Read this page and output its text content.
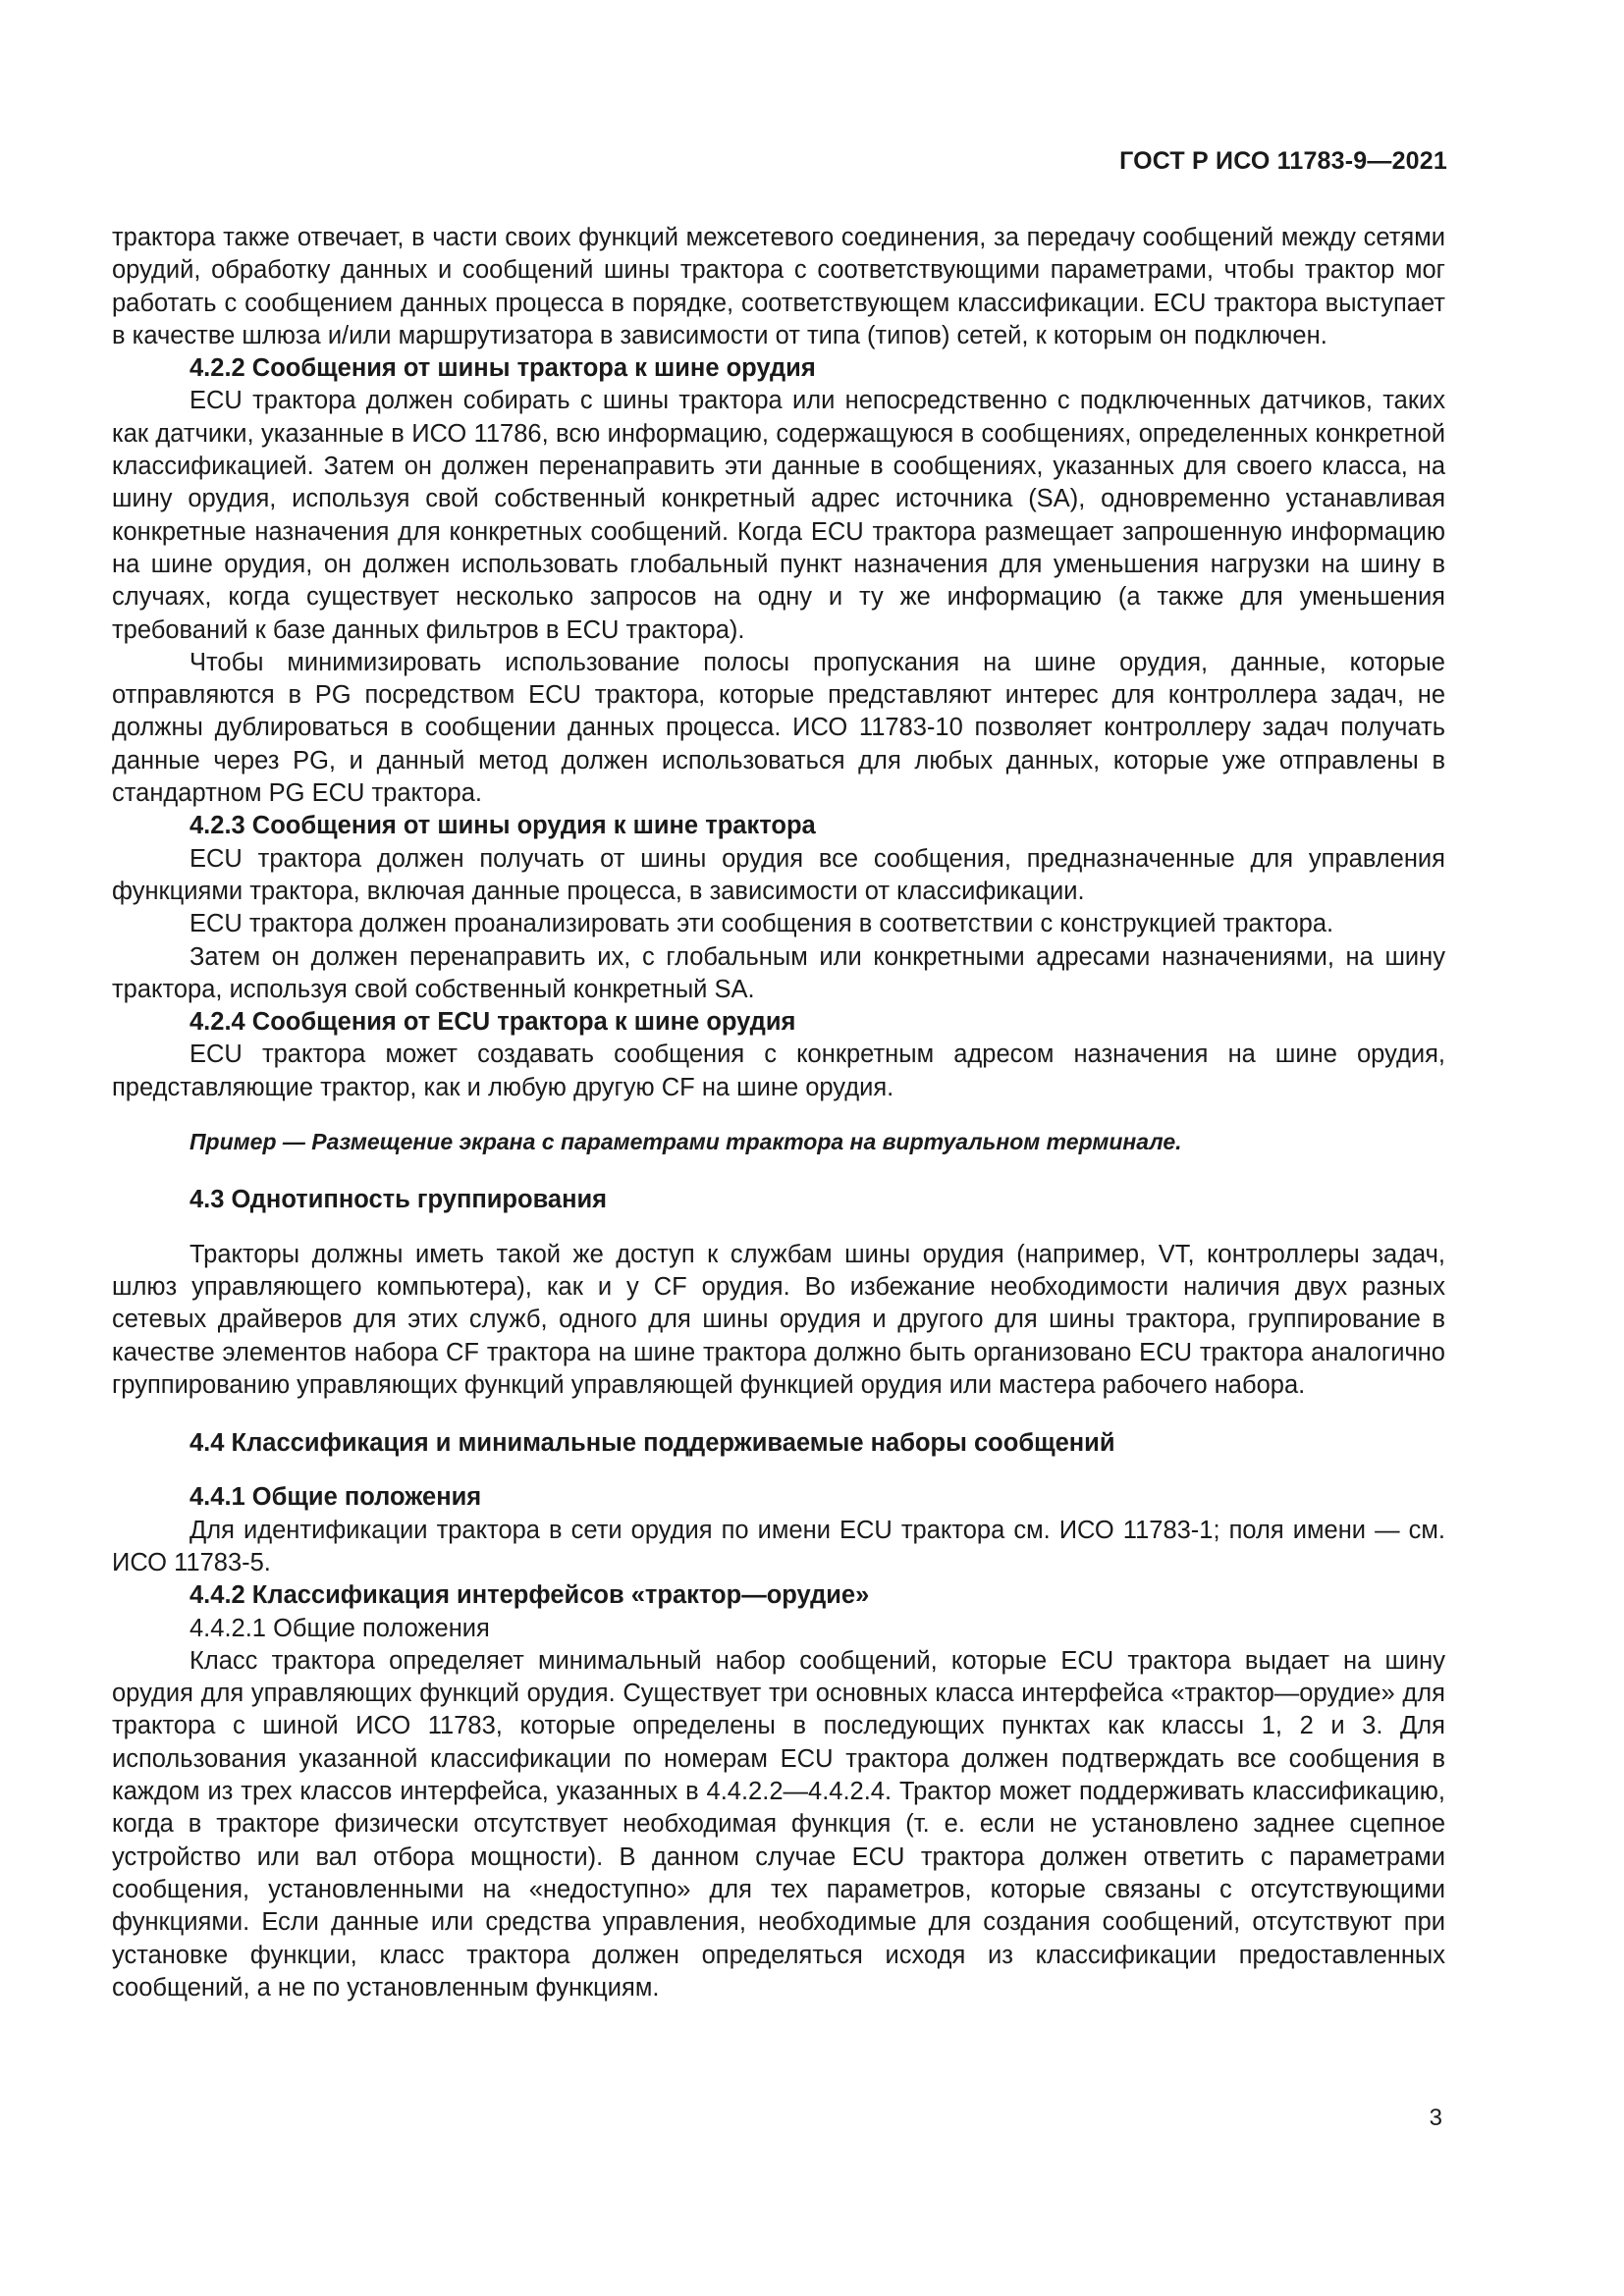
ГОСТ Р ИСО 11783-9—2021

трактора также отвечает, в части своих функций межсетевого соединения, за передачу сообщений между сетями орудий, обработку данных и сообщений шины трактора с соответствующими параметрами, чтобы трактор мог работать с сообщением данных процесса в порядке, соответствующем классификации. ECU трактора выступает в качестве шлюза и/или маршрутизатора в зависимости от типа (типов) сетей, к которым он подключен.

4.2.2 Сообщения от шины трактора к шине орудия

ECU трактора должен собирать с шины трактора или непосредственно с подключенных датчиков, таких как датчики, указанные в ИСО 11786, всю информацию, содержащуюся в сообщениях, определенных конкретной классификацией. Затем он должен перенаправить эти данные в сообщениях, указанных для своего класса, на шину орудия, используя свой собственный конкретный адрес источника (SA), одновременно устанавливая конкретные назначения для конкретных сообщений. Когда ECU трактора размещает запрошенную информацию на шине орудия, он должен использовать глобальный пункт назначения для уменьшения нагрузки на шину в случаях, когда существует несколько запросов на одну и ту же информацию (а также для уменьшения требований к базе данных фильтров в ECU трактора).

Чтобы минимизировать использование полосы пропускания на шине орудия, данные, которые отправляются в PG посредством ECU трактора, которые представляют интерес для контроллера задач, не должны дублироваться в сообщении данных процесса. ИСО 11783-10 позволяет контроллеру задач получать данные через PG, и данный метод должен использоваться для любых данных, которые уже отправлены в стандартном PG ECU трактора.

4.2.3 Сообщения от шины орудия к шине трактора

ECU трактора должен получать от шины орудия все сообщения, предназначенные для управления функциями трактора, включая данные процесса, в зависимости от классификации.

ECU трактора должен проанализировать эти сообщения в соответствии с конструкцией трактора.

Затем он должен перенаправить их, с глобальным или конкретными адресами назначениями, на шину трактора, используя свой собственный конкретный SA.

4.2.4 Сообщения от ECU трактора к шине орудия

ECU трактора может создавать сообщения с конкретным адресом назначения на шине орудия, представляющие трактор, как и любую другую CF на шине орудия.

Пример — Размещение экрана с параметрами трактора на виртуальном терминале.

4.3 Однотипность группирования

Тракторы должны иметь такой же доступ к службам шины орудия (например, VT, контроллеры задач, шлюз управляющего компьютера), как и у CF орудия. Во избежание необходимости наличия двух разных сетевых драйверов для этих служб, одного для шины орудия и другого для шины трактора, группирование в качестве элементов набора CF трактора на шине трактора должно быть организовано ECU трактора аналогично группированию управляющих функций управляющей функцией орудия или мастера рабочего набора.

4.4 Классификация и минимальные поддерживаемые наборы сообщений
4.4.1 Общие положения

Для идентификации трактора в сети орудия по имени ECU трактора см. ИСО 11783-1; поля имени — см. ИСО 11783-5.

4.4.2 Классификация интерфейсов «трактор—орудие»

4.4.2.1 Общие положения

Класс трактора определяет минимальный набор сообщений, которые ECU трактора выдает на шину орудия для управляющих функций орудия. Существует три основных класса интерфейса «трактор—орудие» для трактора с шиной ИСО 11783, которые определены в последующих пунктах как классы 1, 2 и 3. Для использования указанной классификации по номерам ECU трактора должен подтверждать все сообщения в каждом из трех классов интерфейса, указанных в 4.4.2.2—4.4.2.4. Трактор может поддерживать классификацию, когда в тракторе физически отсутствует необходимая функция (т. е. если не установлено заднее сцепное устройство или вал отбора мощности). В данном случае ECU трактора должен ответить с параметрами сообщения, установленными на «недоступно» для тех параметров, которые связаны с отсутствующими функциями. Если данные или средства управления, необходимые для создания сообщений, отсутствуют при установке функции, класс трактора должен определяться исходя из классификации предоставленных сообщений, а не по установленным функциям.

3
